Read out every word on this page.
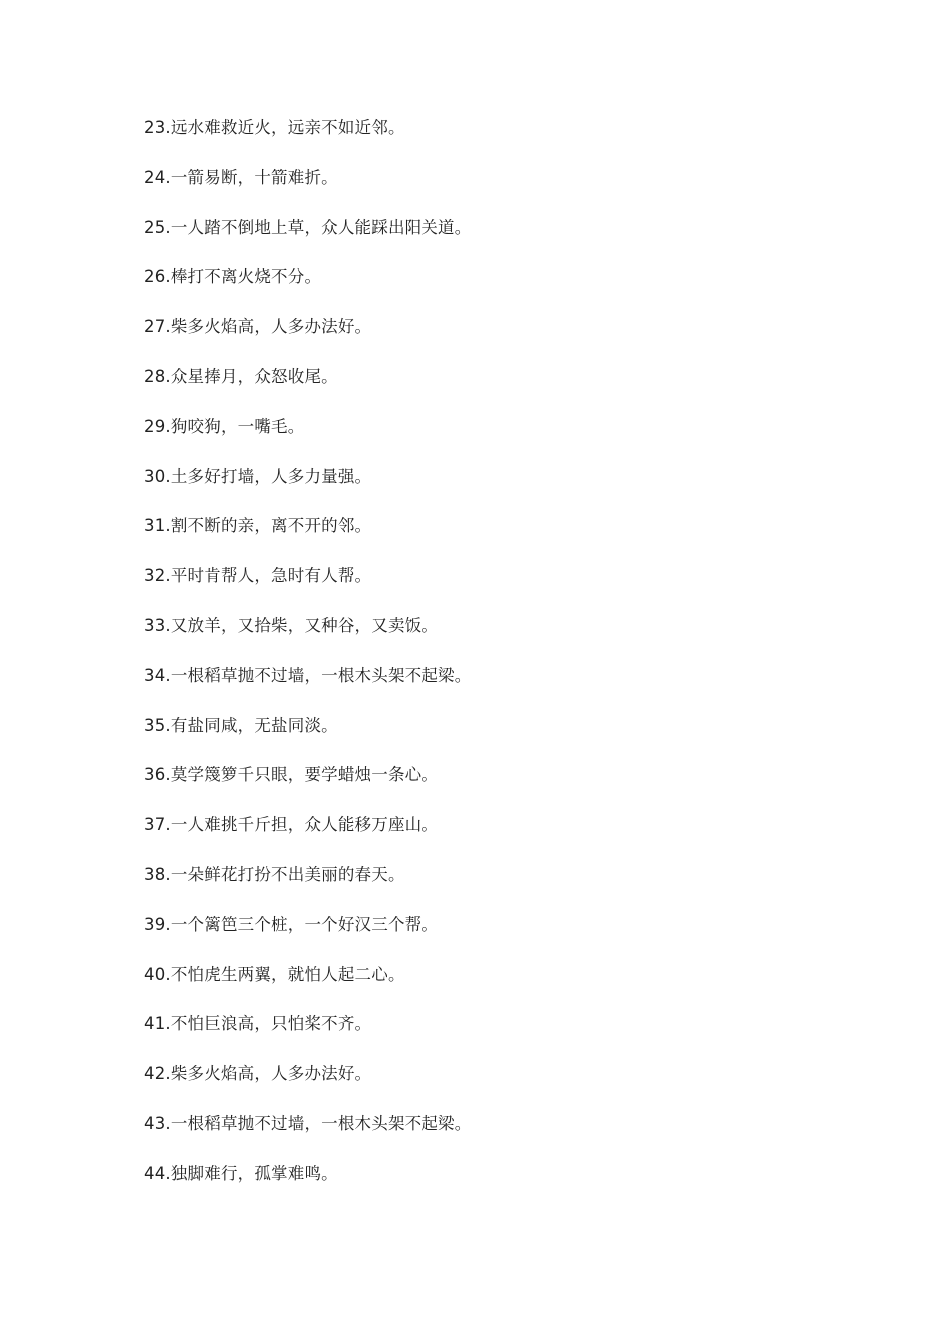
23.远水难救近火，远亲不如近邻。
24.一箭易断，十箭难折。
25.一人踏不倒地上草，众人能踩出阳关道。
26.棒打不离火烧不分。
27.柴多火焰高，人多办法好。
28.众星捧月，众怒收尾。
29.狗咬狗，一嘴毛。
30.土多好打墙，人多力量强。
31.割不断的亲，离不开的邻。
32.平时肯帮人，急时有人帮。
33.又放羊，又拾柴，又种谷，又卖饭。
34.一根稻草抛不过墙，一根木头架不起梁。
35.有盐同咸，无盐同淡。
36.莫学篾箩千只眼，要学蜡烛一条心。
37.一人难挑千斤担，众人能移万座山。
38.一朵鲜花打扮不出美丽的春天。
39.一个篱笆三个桩，一个好汉三个帮。
40.不怕虎生两翼，就怕人起二心。
41.不怕巨浪高，只怕桨不齐。
42.柴多火焰高，人多办法好。
43.一根稻草抛不过墙，一根木头架不起梁。
44.独脚难行，孤掌难鸣。
